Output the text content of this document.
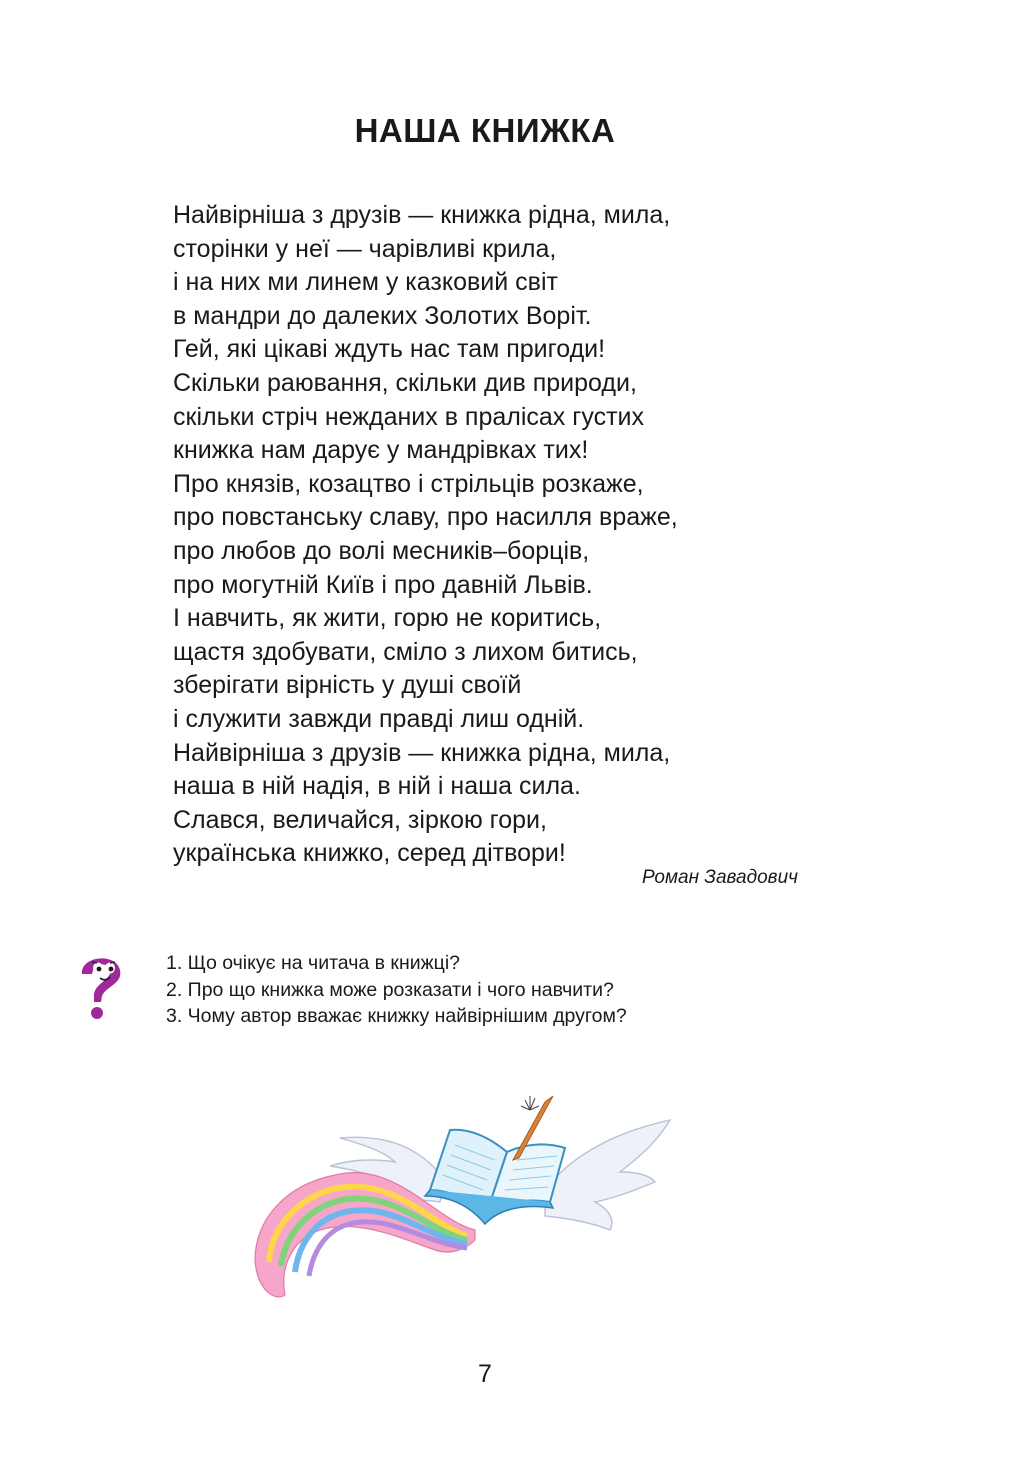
НАША КНИЖКА
Найвірніша з друзів — книжка рідна, мила,
сторінки у неї — чарівливі крила,
і на них ми линем у казковий світ
в мандри до далеких Золотих Воріт.
Гей, які цікаві ждуть нас там пригоди!
Скільки раювання, скільки див природи,
скільки стріч нежданих в пралісах густих
книжка нам дарує у мандрівках тих!
Про князів, козацтво і стрільців розкаже,
про повстанську славу, про насилля враже,
про любов до волі месників–борців,
про могутній Київ і про давній Львів.
І навчить, як жити, горю не коритись,
щастя здобувати, сміло з лихом битись,
зберігати вірність у душі своїй
і служити завжди правді лиш одній.
Найвірніша з друзів — книжка рідна, мила,
наша в ній надія, в ній і наша сила.
Слався, величайся, зіркою гори,
українська книжко, серед дітвори!

Роман Завадович

1. Що очікує на читача в книжці?
2. Про що книжка може розказати і чого навчити?
3. Чому автор вважає книжку найвірнішим другом?
7
